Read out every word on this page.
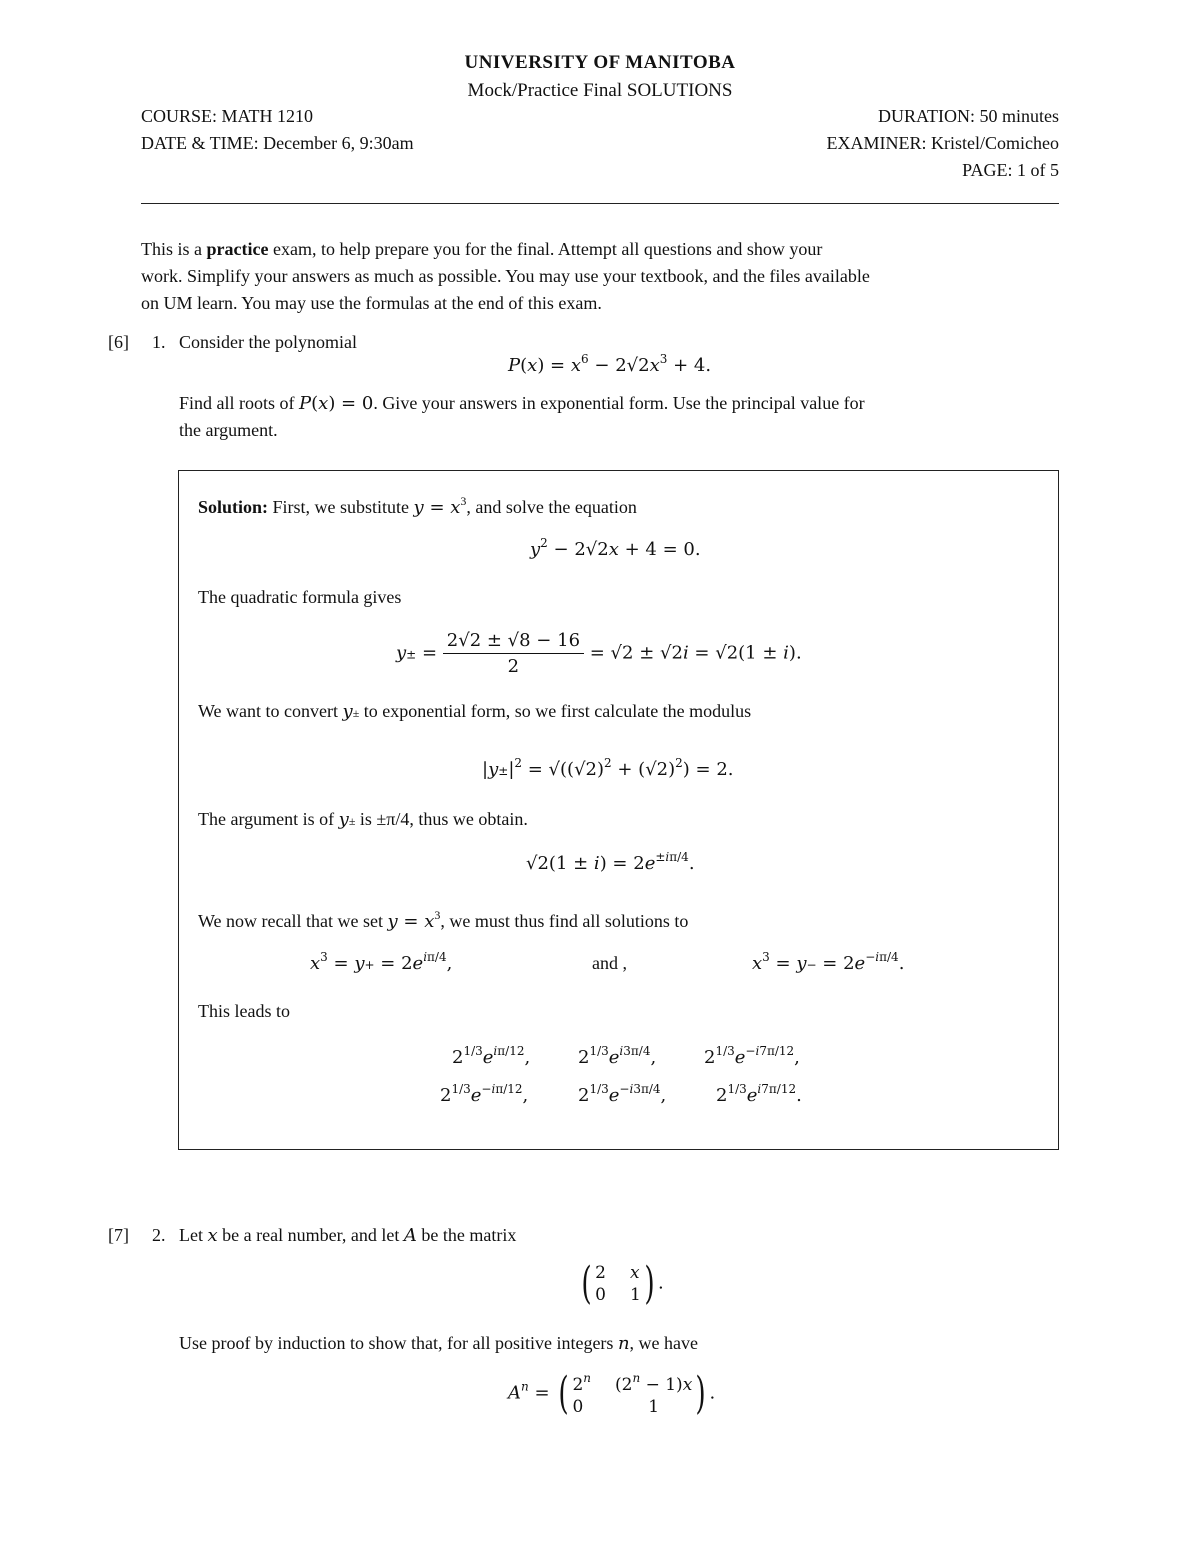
UNIVERSITY OF MANITOBA
Mock/Practice Final SOLUTIONS
COURSE: MATH 1210	DURATION: 50 minutes
DATE & TIME: December 6, 9:30am	EXAMINER: Kristel/Comicheo
PAGE: 1 of 5
This is a practice exam, to help prepare you for the final. Attempt all questions and show your
work. Simplify your answers as much as possible. You may use your textbook, and the files available
on UM learn. You may use the formulas at the end of this exam.
[6] 1. Consider the polynomial
$P(x) = x^6 - 2√2x^3 + 4$.
Find all roots of P(x) = 0. Give your answers in exponential form. Use the principal value for
the argument.
Solution: First, we substitute $y = x^3$, and solve the equation
$y^2 - 2√2x + 4 = 0$.
The quadratic formula gives
$y\pm = \frac{2√2 \pm √8 - 16}{2} = √2 \pm √2i = √2(1 \pm i)$.
We want to convert y± to exponential form, so we first calculate the modulus
$|y\pm|^2 = √((√2)^2 + (√2)^2) = 2$.
The argument is of y± is ±π/4, thus we obtain.
$√2(1 \pm i) = 2e^{\pm i\pi/4}$.
We now recall that we set $y = x^3$, we must thus find all solutions to
$x^3 = y+ = 2e^{i\pi/4}$,	and ,	$x^3 = y- = 2e^{-i\pi/4}$.
This leads to
$2^{1/3}e^{i\pi/12}$,	$2^{1/3}e^{i3\pi/4}$,	$2^{1/3}e^{-i7\pi/12}$,
$2^{1/3}e^{-i\pi/12}$,	$2^{1/3}e^{-i3\pi/4}$,	$2^{1/3}e^{i7\pi/12}$.
[7] 2. Let x be a real number, and let A be the matrix
( 2 x
0 1 ) .
Use proof by induction to show that, for all positive integers n, we have
$A^n$ = ( 2$^n$ $(2^n - 1)x$
0	1 ) .
